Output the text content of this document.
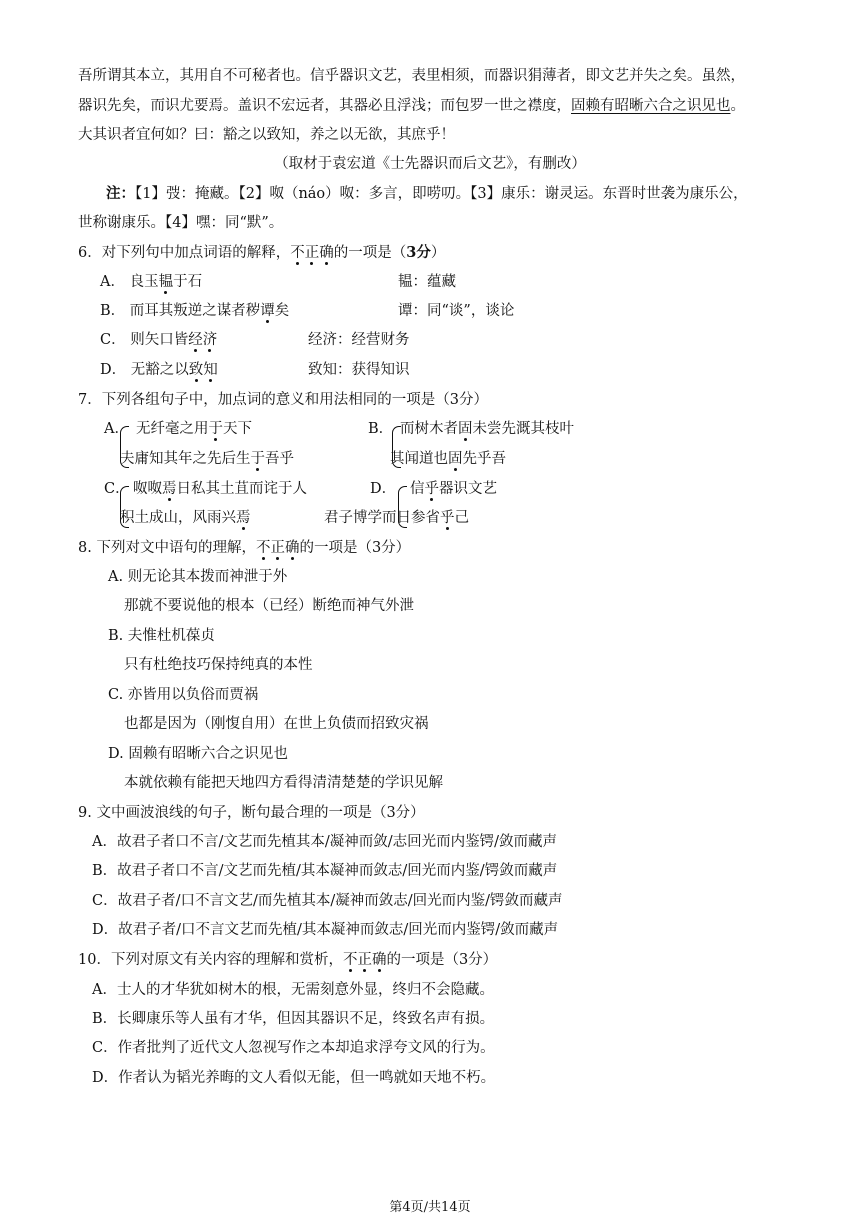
吾所谓其本立，其用自不可秘者也。信乎器识文艺，表里相须，而器识狷薄者，即文艺并失之矣。虽然，
器识先矣，而识尤要焉。盖识不宏远者，其器必且浮浅；而包罗一世之襟度，固赖有昭晰六合之识见也。
大其识者宜何如？曰：豁之以致知，养之以无欲，其庶乎！
（取材于袁宏道《士先器识而后文艺》，有删改）
注：【1】弢：掩藏。【2】呶（náo）呶：多言，即唠叨。【3】康乐：谢灵运。东晋时世袭为康乐公，
世称谢康乐。【4】嘿：同“默”。
6．对下列句中加点词语的解释，不正确的一项是（3分）
A． 良玉韫于石	韫：蕴藏
B． 而耳其叛逆之谋者秽谭矣	谭：同“谈”，谈论
C． 则矢口皆经济	经济：经营财务
D． 无豁之以致知	致知：获得知识
7．下列各组句子中，加点词的意义和用法相同的一项是（3分）
A． 无纤毫之用于天下
夫庸知其年之先后生于吾乎
B． 而树木者固未尝先溉其枝叶
其闻道也固先乎吾
C． 呶呶焉日私其土苴而诧于人
积土成山，风雨兴焉
D． 信乎器识文艺
君子博学而日参省乎己
8. 下列对文中语句的理解，不正确的一项是（3分）
A. 则无论其本拨而神泄于外
那就不要说他的根本（已经）断绝而神气外泄
B. 夫惟杜机葆贞
只有杜绝技巧保持纯真的本性
C. 亦皆用以负俗而贾祸
也都是因为（刚愎自用）在世上负债而招致灾祸
D. 固赖有昭晰六合之识见也
本就依赖有能把天地四方看得清清楚楚的学识见解
9. 文中画波浪线的句子，断句最合理的一项是（3分）
A．故君子者口不言/文艺而先植其本/凝神而敛/志回光而内鉴锷/敛而藏声
B．故君子者口不言/文艺而先植/其本凝神而敛志/回光而内鉴/锷敛而藏声
C．故君子者/口不言文艺/而先植其本/凝神而敛志/回光而内鉴/锷敛而藏声
D．故君子者/口不言文艺而先植/其本凝神而敛志/回光而内鉴锷/敛而藏声
10．下列对原文有关内容的理解和赏析，不正确的一项是（3分）
A．士人的才华犹如树木的根，无需刻意外显，终归不会隐藏。
B．长卿康乐等人虽有才华，但因其器识不足，终致名声有损。
C．作者批判了近代文人忽视写作之本却追求浮夸文风的行为。
D．作者认为韬光养晦的文人看似无能，但一鸣就如天地不朽。
第4页/共14页
